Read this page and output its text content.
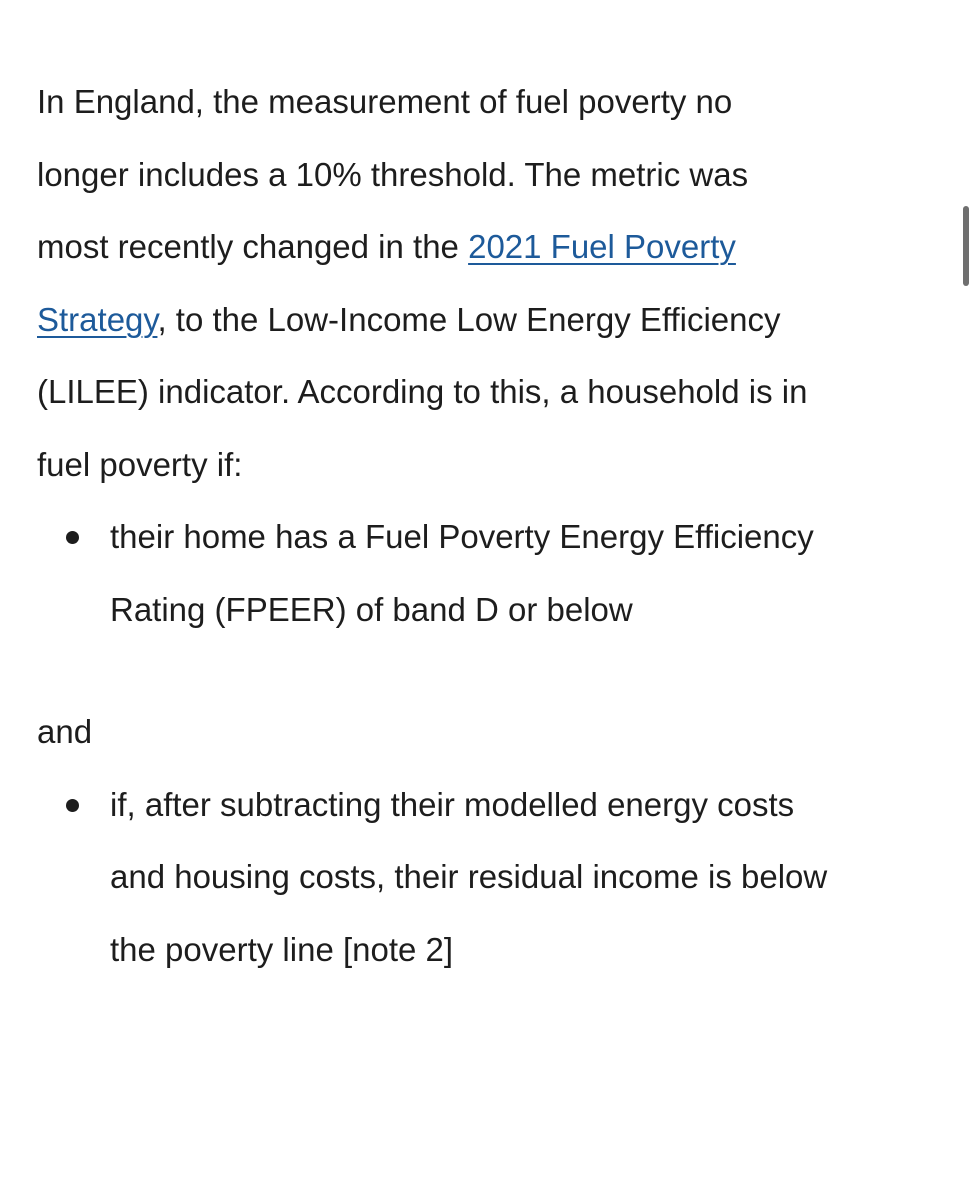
In England, the measurement of fuel poverty no
longer includes a 10% threshold. The metric was
most recently changed in the 2021 Fuel Poverty
Strategy, to the Low-Income Low Energy Efficiency
(LILEE) indicator. According to this, a household is in
fuel poverty if:

their home has a Fuel Poverty Energy Efficiency
Rating (FPEER) of band D or below

and

if, after subtracting their modelled energy costs
and housing costs, their residual income is below
the poverty line [note 2]
